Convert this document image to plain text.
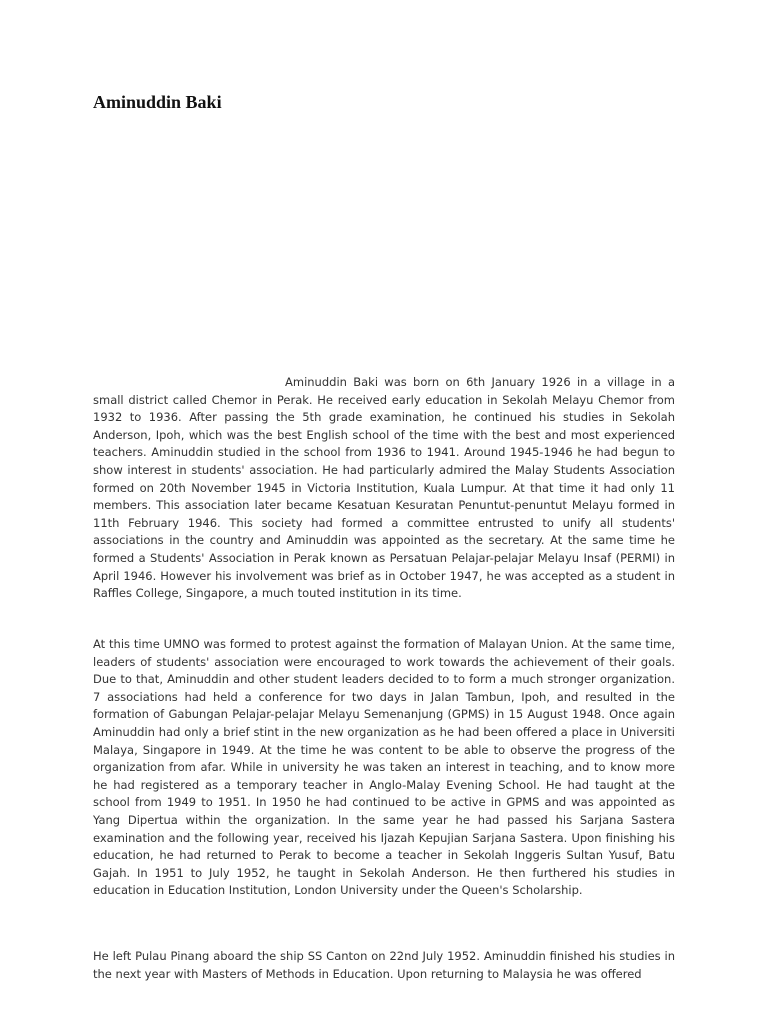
Aminuddin Baki

Aminuddin Baki was born on 6th January 1926 in a village in a small district called Chemor in Perak. He received early education in Sekolah Melayu Chemor from 1932 to 1936. After passing the 5th grade examination, he continued his studies in Sekolah Anderson, Ipoh, which was the best English school of the time with the best and most experienced teachers. Aminuddin studied in the school from 1936 to 1941. Around 1945-1946 he had begun to show interest in students' association. He had particularly admired the Malay Students Association formed on 20th November 1945 in Victoria Institution, Kuala Lumpur. At that time it had only 11 members. This association later became Kesatuan Kesuratan Penuntut-penuntut Melayu formed in 11th February 1946. This society had formed a committee entrusted to unify all students' associations in the country and Aminuddin was appointed as the secretary. At the same time he formed a Students' Association in Perak known as Persatuan Pelajar-pelajar Melayu Insaf (PERMI) in April 1946. However his involvement was brief as in October 1947, he was accepted as a student in Raffles College, Singapore, a much touted institution in its time.

At this time UMNO was formed to protest against the formation of Malayan Union. At the same time, leaders of students' association were encouraged to work towards the achievement of their goals. Due to that, Aminuddin and other student leaders decided to to form a much stronger organization. 7 associations had held a conference for two days in Jalan Tambun, Ipoh, and resulted in the formation of Gabungan Pelajar-pelajar Melayu Semenanjung (GPMS) in 15 August 1948. Once again Aminuddin had only a brief stint in the new organization as he had been offered a place in Universiti Malaya, Singapore in 1949. At the time he was content to be able to observe the progress of the organization from afar. While in university he was taken an interest in teaching, and to know more he had registered as a temporary teacher in Anglo-Malay Evening School. He had taught at the school from 1949 to 1951. In 1950 he had continued to be active in GPMS and was appointed as Yang Dipertua within the organization. In the same year he had passed his Sarjana Sastera examination and the following year, received his Ijazah Kepujian Sarjana Sastera. Upon finishing his education, he had returned to Perak to become a teacher in Sekolah Inggeris Sultan Yusuf, Batu Gajah. In 1951 to July 1952, he taught in Sekolah Anderson. He then furthered his studies in education in Education Institution, London University under the Queen's Scholarship.

He left Pulau Pinang aboard the ship SS Canton on 22nd July 1952. Aminuddin finished his studies in the next year with Masters of Methods in Education. Upon returning to Malaysia he was offered
